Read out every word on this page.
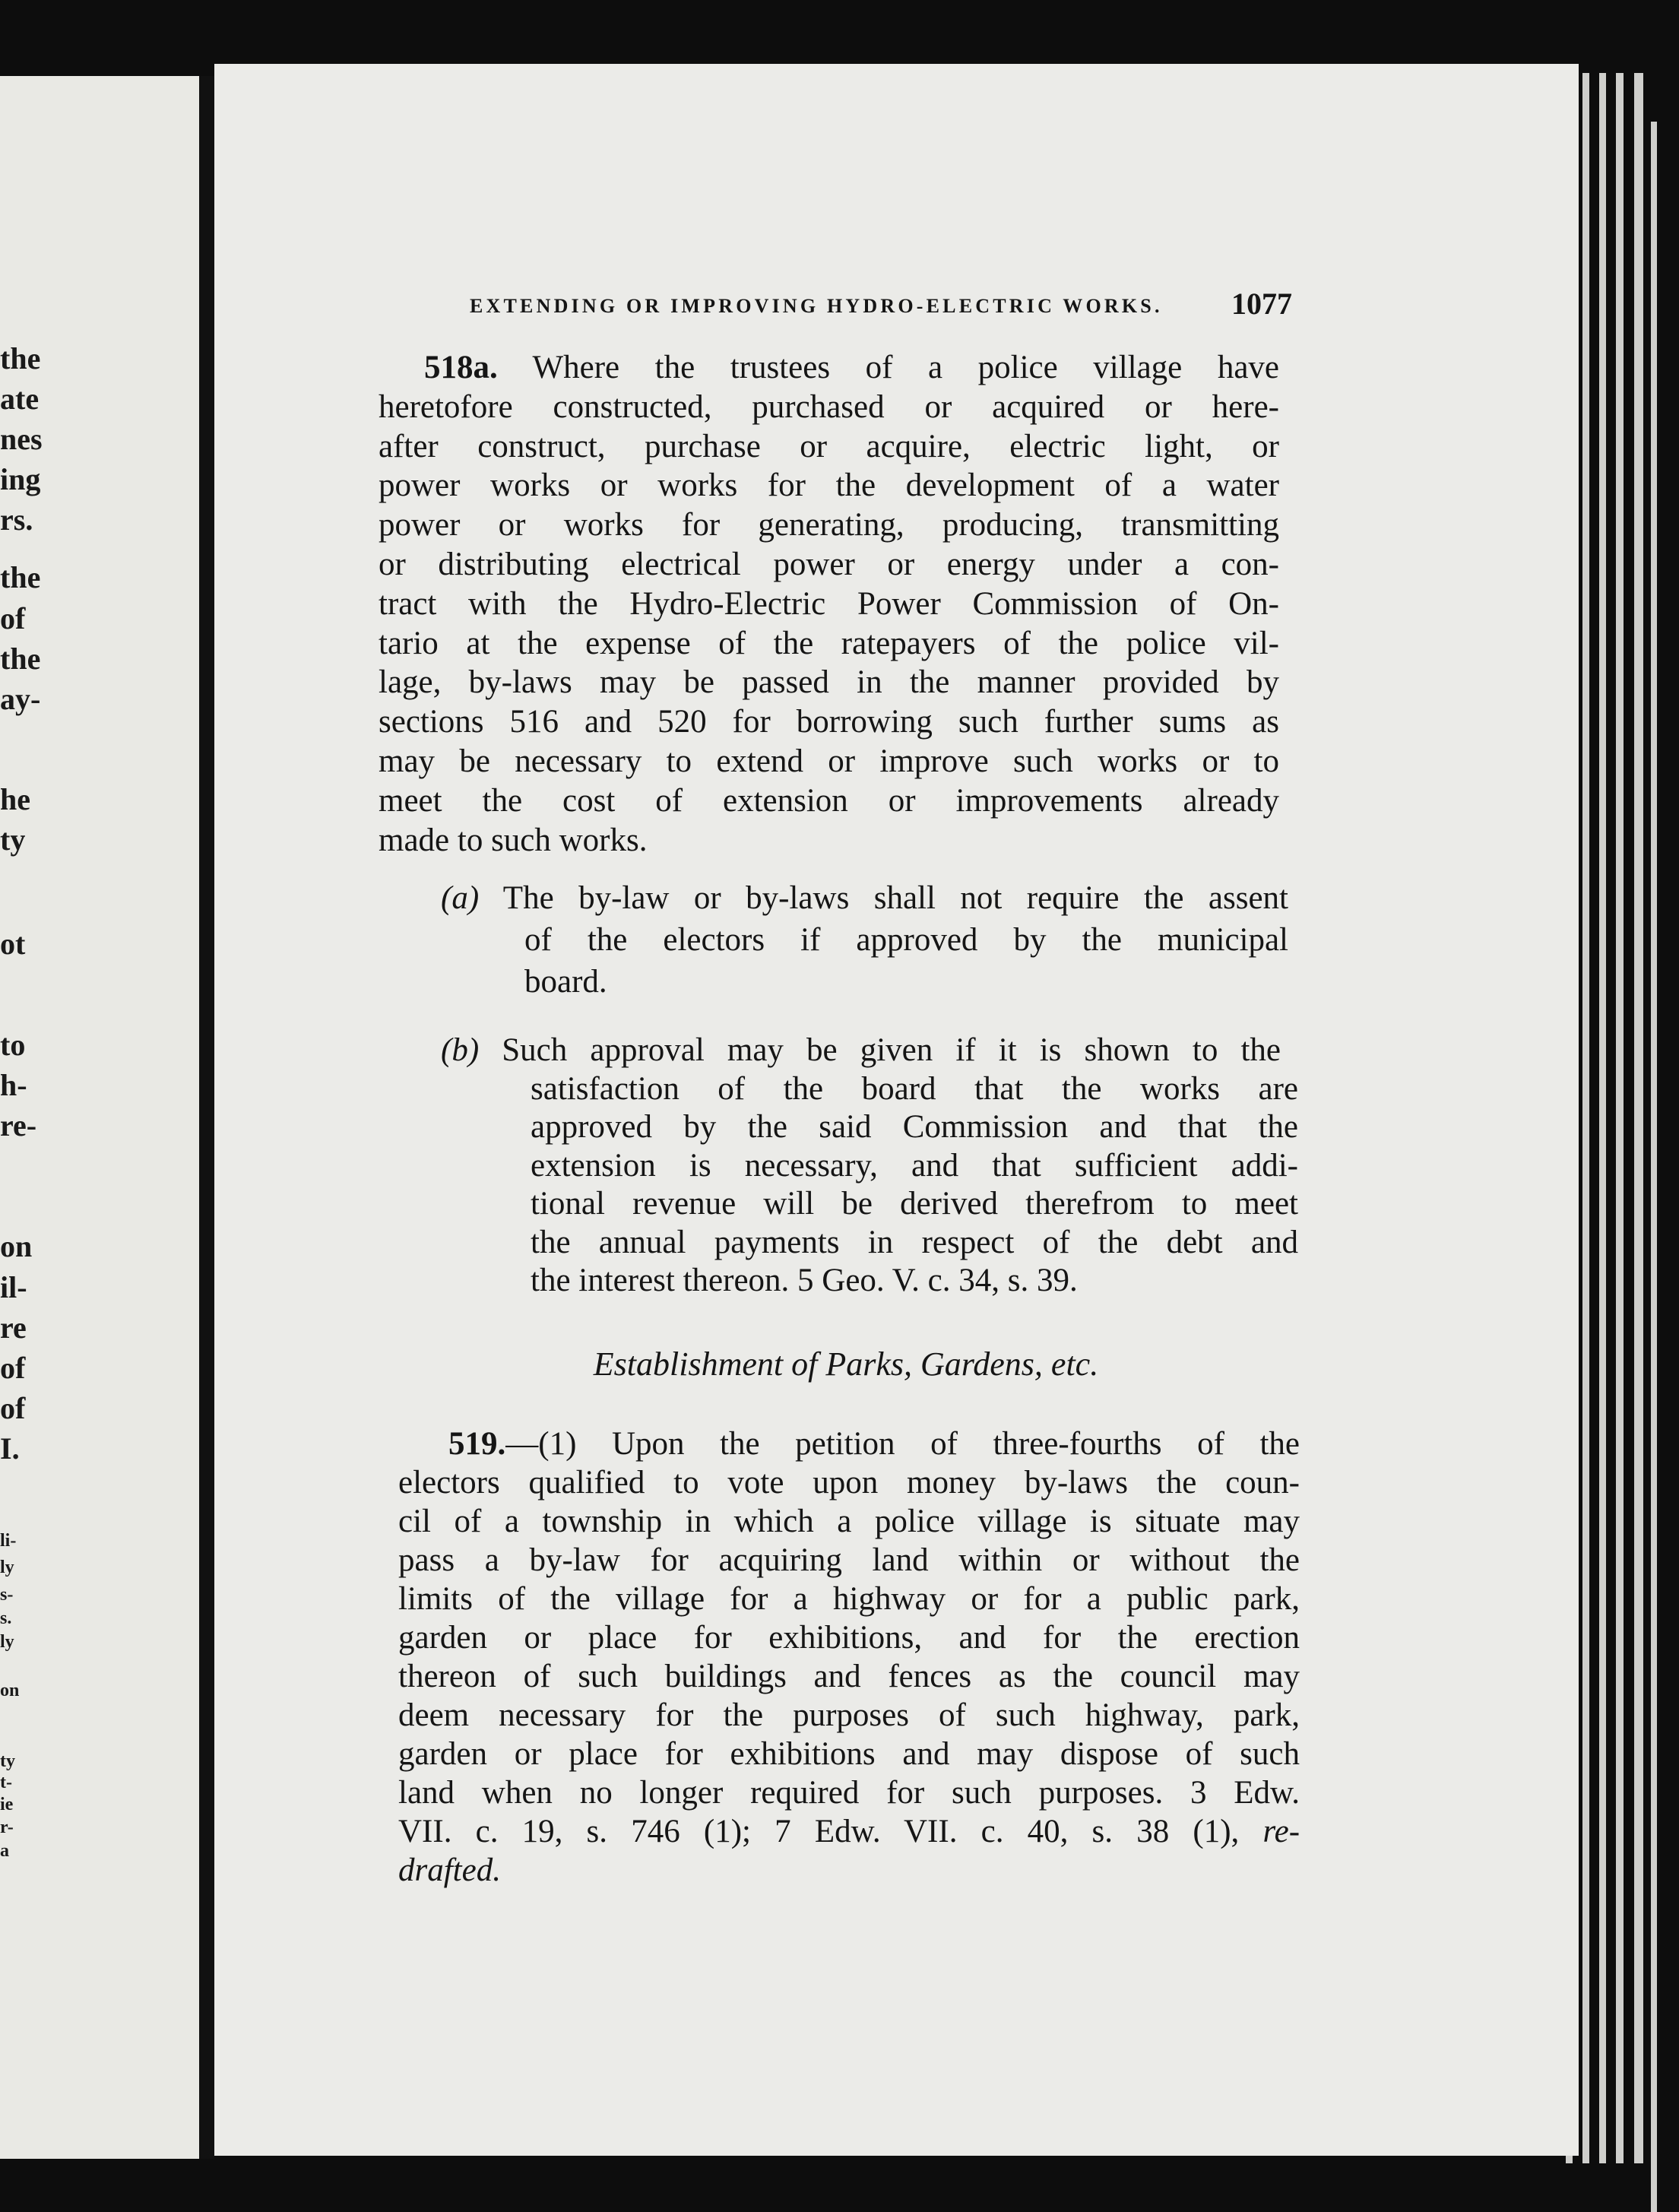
the
ate
nes
ing
rs.
the
of
the
ay-
he
ty
ot
to
h-
re-
on
il-
re
of
of
I.
li-
ly
s-
s.
ly
on
ty
t-
ie
r-
a
EXTENDING OR IMPROVING HYDRO-ELECTRIC WORKS. 1077
518a. Where the trustees of a police village have
heretofore constructed, purchased or acquired or here-
after construct, purchase or acquire, electric light, or
power works or works for the development of a water
power or works for generating, producing, transmitting
or distributing electrical power or energy under a con-
tract with the Hydro-Electric Power Commission of On-
tario at the expense of the ratepayers of the police vil-
lage, by-laws may be passed in the manner provided by
sections 516 and 520 for borrowing such further sums as
may be necessary to extend or improve such works or to
meet the cost of extension or improvements already
made to such works.
(a) The by-law or by-laws shall not require the assent
of the electors if approved by the municipal
board.
(b) Such approval may be given if it is shown to the
satisfaction of the board that the works are
approved by the said Commission and that the
extension is necessary, and that sufficient addi-
tional revenue will be derived therefrom to meet
the annual payments in respect of the debt and
the interest thereon. 5 Geo. V. c. 34, s. 39.
519.—(1) Upon the petition of three-fourths of the
electors qualified to vote upon money by-laws the coun-
cil of a township in which a police village is situate may
pass a by-law for acquiring land within or without the
limits of the village for a highway or for a public park,
garden or place for exhibitions, and for the erection
thereon of such buildings and fences as the council may
deem necessary for the purposes of such highway, park,
garden or place for exhibitions and may dispose of such
land when no longer required for such purposes. 3 Edw.
VII. c. 19, s. 746 (1); 7 Edw. VII. c. 40, s. 38 (1), re-
drafted.
Establishment of Parks, Gardens, etc.
